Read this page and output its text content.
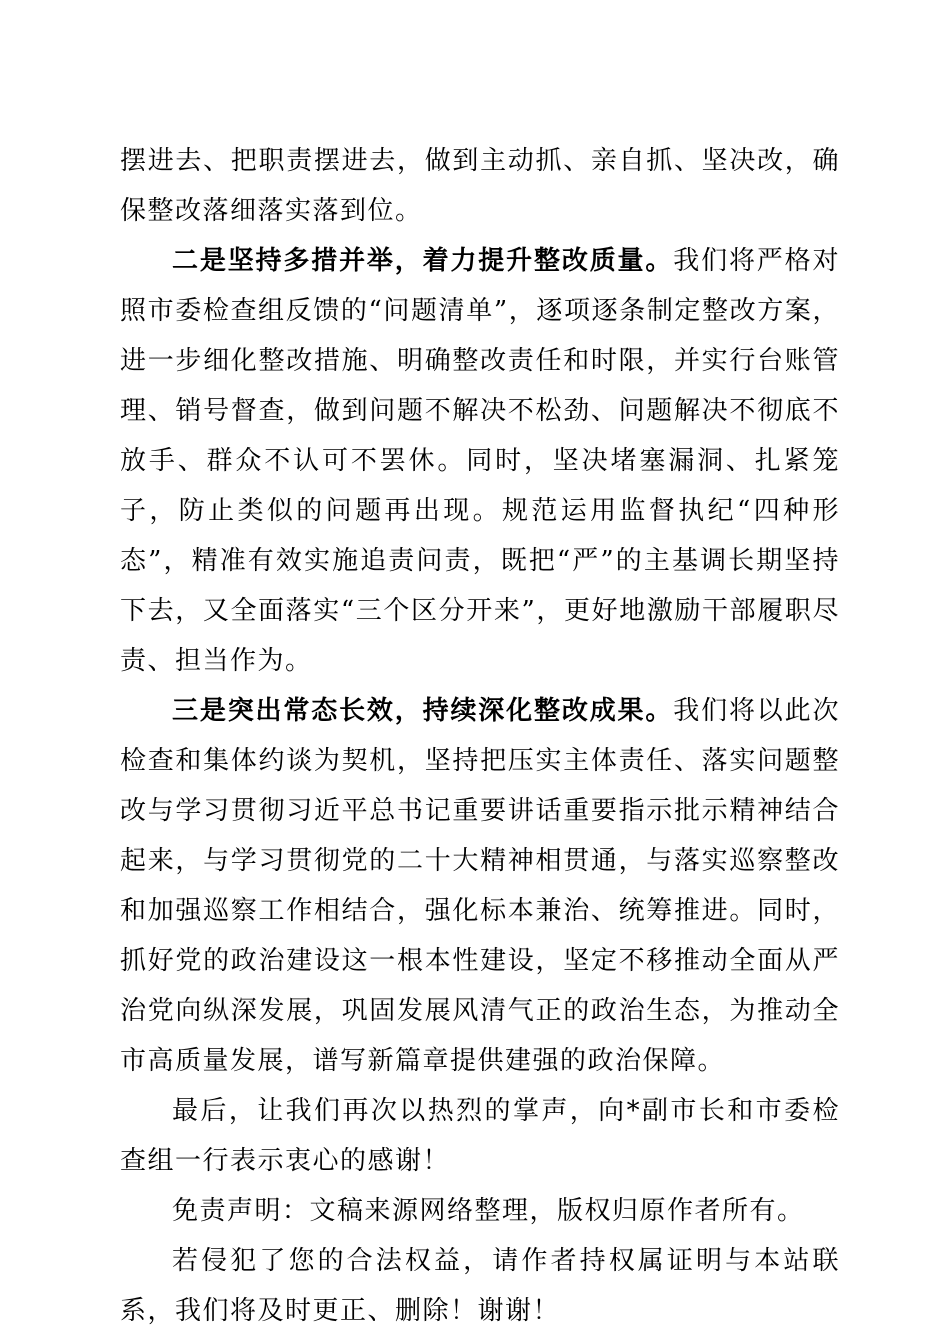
摆进去、把职责摆进去，做到主动抓、亲自抓、坚决改，确保整改落细落实落到位。

二是坚持多措并举，着力提升整改质量。我们将严格对照市委检查组反馈的“问题清单”，逐项逐条制定整改方案，进一步细化整改措施、明确整改责任和时限，并实行台账管理、销号督查，做到问题不解决不松劲、问题解决不彻底不放手、群众不认可不罢休。同时，坚决堵塞漏洞、扎紧笼子，防止类似的问题再出现。规范运用监督执纪“四种形态”，精准有效实施追责问责，既把“严”的主基调长期坚持下去，又全面落实“三个区分开来”，更好地激励干部履职尽责、担当作为。

三是突出常态长效，持续深化整改成果。我们将以此次检查和集体约谈为契机，坚持把压实主体责任、落实问题整改与学习贯彻习近平总书记重要讲话重要指示批示精神结合起来，与学习贯彻党的二十大精神相贯通，与落实巡察整改和加强巡察工作相结合，强化标本兼治、统筹推进。同时，抓好党的政治建设这一根本性建设，坚定不移推动全面从严治党向纵深发展，巩固发展风清气正的政治生态，为推动全市高质量发展，谱写新篇章提供建强的政治保障。

最后，让我们再次以热烈的掌声，向*副市长和市委检查组一行表示衷心的感谢！

免责声明：文稿来源网络整理，版权归原作者所有。

若侵犯了您的合法权益，请作者持权属证明与本站联系，我们将及时更正、删除！谢谢！
